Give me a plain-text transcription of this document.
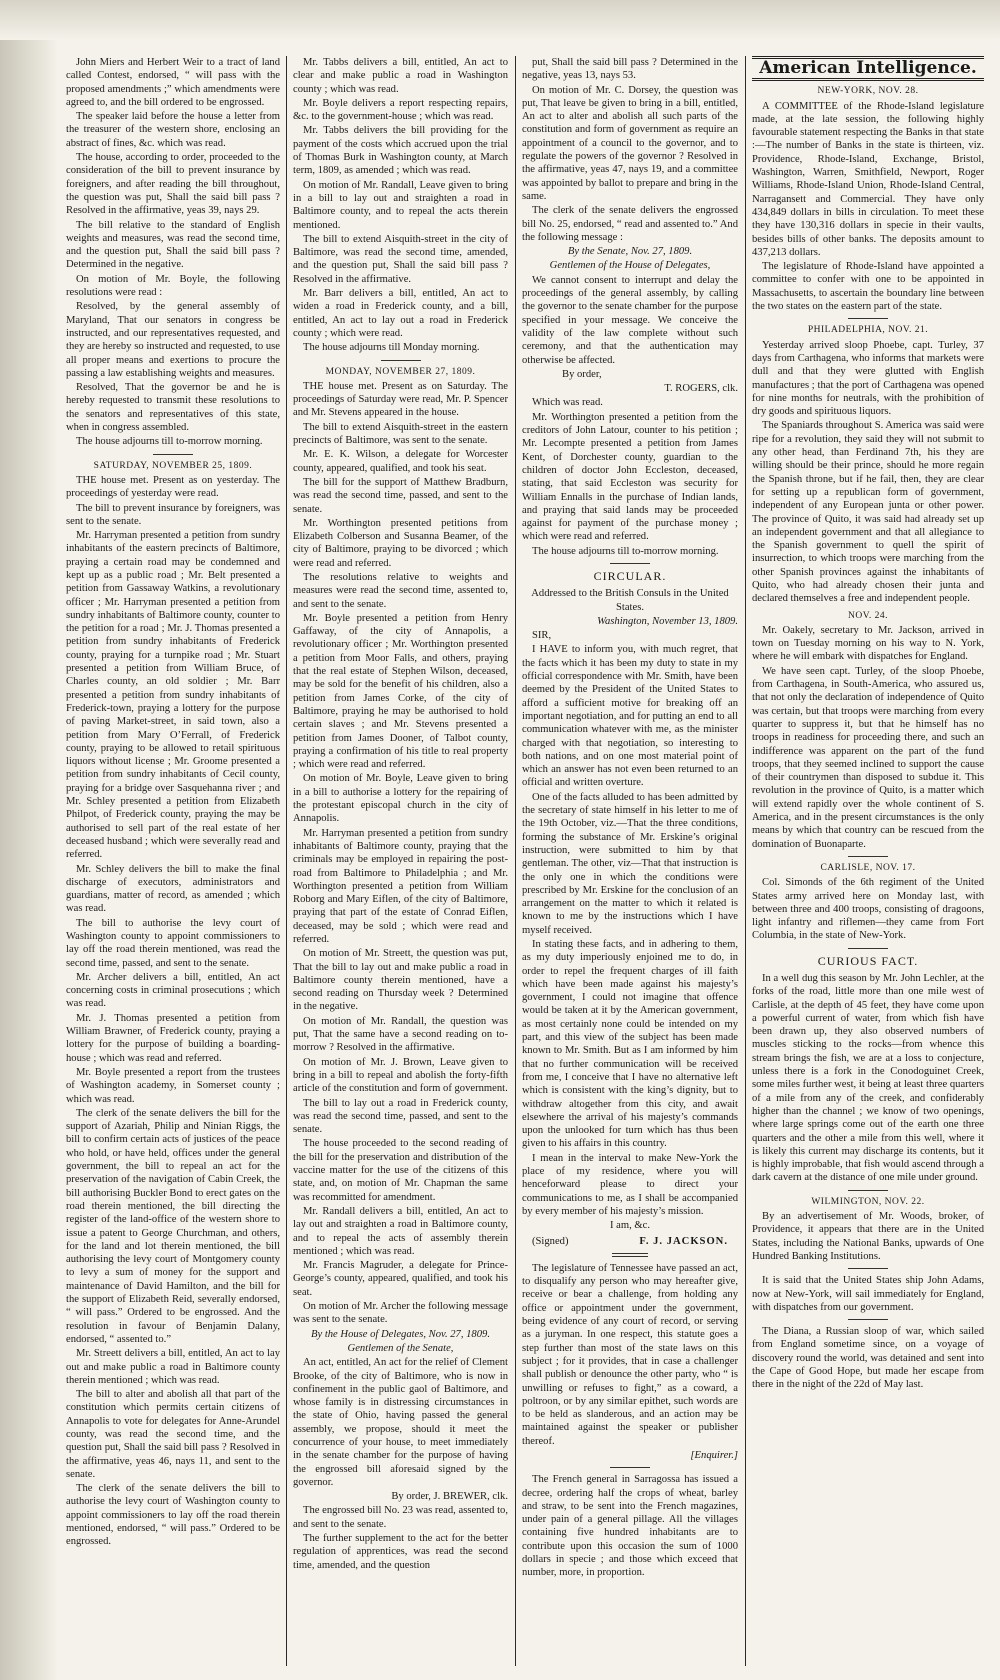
John Miers and Herbert Weir to a tract of land called Contest, endorsed, “ will pass with the proposed amendments ;” which amendments were agreed to, and the bill ordered to be engrossed.

The speaker laid before the house a letter from the treasurer of the western shore, enclosing an abstract of fines, &c. which was read.

The house, according to order, proceeded to the consideration of the bill to prevent insurance by foreigners, and after reading the bill throughout, the question was put, Shall the said bill pass ? Resolved in the affirmative, yeas 39, nays 29.

The bill relative to the standard of English weights and measures, was read the second time, and the question put, Shall the said bill pass ? Determined in the negative.

On motion of Mr. Boyle, the following resolutions were read :

Resolved, by the general assembly of Maryland, That our senators in congress be instructed, and our representatives requested, and they are hereby so instructed and requested, to use all proper means and exertions to procure the passing a law establishing weights and measures.

Resolved, That the governor be and he is hereby requested to transmit these resolutions to the senators and representatives of this state, when in congress assembled.

The house adjourns till to-morrow morning.

SATURDAY, NOVEMBER 25, 1809.

THE house met. Present as on yesterday. The proceedings of yesterday were read.

The bill to prevent insurance by foreigners, was sent to the senate.

Mr. Harryman presented a petition from sundry inhabitants of the eastern precincts of Baltimore, praying a certain road may be condemned and kept up as a public road ; Mr. Belt presented a petition from Gassaway Watkins, a revolutionary officer ; Mr. Harryman presented a petition from sundry inhabitants of Baltimore county, counter to the petition for a road ; Mr. J. Thomas presented a petition from sundry inhabitants of Frederick county, praying for a turnpike road ; Mr. Stuart presented a petition from William Bruce, of Charles county, an old soldier ; Mr. Barr presented a petition from sundry inhabitants of Frederick-town, praying a lottery for the purpose of paving Market-street, in said town, also a petition from Mary O’Ferrall, of Frederick county, praying to be allowed to retail spirituous liquors without license ; Mr. Groome presented a petition from sundry inhabitants of Cecil county, praying for a bridge over Sasquehanna river ; and Mr. Schley presented a petition from Elizabeth Philpot, of Frederick county, praying the may be authorised to sell part of the real estate of her deceased husband ; which were severally read and referred.

Mr. Schley delivers the bill to make the final discharge of executors, administrators and guardians, matter of record, as amended ; which was read.

The bill to authorise the levy court of Washington county to appoint commissioners to lay off the road therein mentioned, was read the second time, passed, and sent to the senate.

Mr. Archer delivers a bill, entitled, An act concerning costs in criminal prosecutions ; which was read.

Mr. J. Thomas presented a petition from William Brawner, of Frederick county, praying a lottery for the purpose of building a boarding-house ; which was read and referred.

Mr. Boyle presented a report from the trustees of Washington academy, in Somerset county ; which was read.

The clerk of the senate delivers the bill for the support of Azariah, Philip and Ninian Riggs, the bill to confirm certain acts of justices of the peace who hold, or have held, offices under the general government, the bill to repeal an act for the preservation of the navigation of Cabin Creek, the bill authorising Buckler Bond to erect gates on the road therein mentioned, the bill directing the register of the land-office of the western shore to issue a patent to George Churchman, and others, for the land and lot therein mentioned, the bill authorising the levy court of Montgomery county to levy a sum of money for the support and maintenance of David Hamilton, and the bill for the support of Elizabeth Reid, severally endorsed, “ will pass.” Ordered to be engrossed. And the resolution in favour of Benjamin Dalany, endorsed, “ assented to.”

Mr. Streett delivers a bill, entitled, An act to lay out and make public a road in Baltimore county therein mentioned ; which was read.

The bill to alter and abolish all that part of the constitution which permits certain citizens of Annapolis to vote for delegates for Anne-Arundel county, was read the second time, and the question put, Shall the said bill pass ? Resolved in the affirmative, yeas 46, nays 11, and sent to the senate.

The clerk of the senate delivers the bill to authorise the levy court of Washington county to appoint commissioners to lay off the road therein mentioned, endorsed, “ will pass.” Ordered to be engrossed.

Mr. Tabbs delivers a bill, entitled, An act to clear and make public a road in Washington county ; which was read.

Mr. Boyle delivers a report respecting repairs, &c. to the government-house ; which was read.

Mr. Tabbs delivers the bill providing for the payment of the costs which accrued upon the trial of Thomas Burk in Washington county, at March term, 1809, as amended ; which was read.

On motion of Mr. Randall, Leave given to bring in a bill to lay out and straighten a road in Baltimore county, and to repeal the acts therein mentioned.

The bill to extend Aisquith-street in the city of Baltimore, was read the second time, amended, and the question put, Shall the said bill pass ? Resolved in the affirmative.

Mr. Barr delivers a bill, entitled, An act to widen a road in Frederick county, and a bill, entitled, An act to lay out a road in Frederick county ; which were read.

The house adjourns till Monday morning.

MONDAY, NOVEMBER 27, 1809.

THE house met. Present as on Saturday. The proceedings of Saturday were read, Mr. P. Spencer and Mr. Stevens appeared in the house.

The bill to extend Aisquith-street in the eastern precincts of Baltimore, was sent to the senate.

Mr. E. K. Wilson, a delegate for Worcester county, appeared, qualified, and took his seat.

The bill for the support of Matthew Bradburn, was read the second time, passed, and sent to the senate.

Mr. Worthington presented petitions from Elizabeth Colberson and Susanna Beamer, of the city of Baltimore, praying to be divorced ; which were read and referred.

The resolutions relative to weights and measures were read the second time, assented to, and sent to the senate.

Mr. Boyle presented a petition from Henry Gaffaway, of the city of Annapolis, a revolutionary officer ; Mr. Worthington presented a petition from Moor Falls, and others, praying that the real estate of Stephen Wilson, deceased, may be sold for the benefit of his children, also a petition from James Corke, of the city of Baltimore, praying he may be authorised to hold certain slaves ; and Mr. Stevens presented a petition from James Dooner, of Talbot county, praying a confirmation of his title to real property ; which were read and referred.

On motion of Mr. Boyle, Leave given to bring in a bill to authorise a lottery for the repairing of the protestant episcopal church in the city of Annapolis.

Mr. Harryman presented a petition from sundry inhabitants of Baltimore county, praying that the criminals may be employed in repairing the post-road from Baltimore to Philadelphia ; and Mr. Worthington presented a petition from William Roborg and Mary Eiflen, of the city of Baltimore, praying that part of the estate of Conrad Eiflen, deceased, may be sold ; which were read and referred.

On motion of Mr. Streett, the question was put, That the bill to lay out and make public a road in Baltimore county therein mentioned, have a second reading on Thursday week ? Determined in the negative.

On motion of Mr. Randall, the question was put, That the same have a second reading on to-morrow ? Resolved in the affirmative.

On motion of Mr. J. Brown, Leave given to bring in a bill to repeal and abolish the forty-fifth article of the constitution and form of government.

The bill to lay out a road in Frederick county, was read the second time, passed, and sent to the senate.

The house proceeded to the second reading of the bill for the preservation and distribution of the vaccine matter for the use of the citizens of this state, and, on motion of Mr. Chapman the same was recommitted for amendment.

Mr. Randall delivers a bill, entitled, An act to lay out and straighten a road in Baltimore county, and to repeal the acts of assembly therein mentioned ; which was read.

Mr. Francis Magruder, a delegate for Prince-George’s county, appeared, qualified, and took his seat.

On motion of Mr. Archer the following message was sent to the senate.

By the House of Delegates, Nov. 27, 1809.

Gentlemen of the Senate,

An act, entitled, An act for the relief of Clement Brooke, of the city of Baltimore, who is now in confinement in the public gaol of Baltimore, and whose family is in distressing circumstances in the state of Ohio, having passed the general assembly, we propose, should it meet the concurrence of your house, to meet immediately in the senate chamber for the purpose of having the engrossed bill aforesaid signed by the governor.

By order, J. BREWER, clk.

The engrossed bill No. 23 was read, assented to, and sent to the senate.

The further supplement to the act for the better regulation of apprentices, was read the second time, amended, and the question

put, Shall the said bill pass ? Determined in the negative, yeas 13, nays 53.

On motion of Mr. C. Dorsey, the question was put, That leave be given to bring in a bill, entitled, An act to alter and abolish all such parts of the constitution and form of government as require an appointment of a council to the governor, and to regulate the powers of the governor ? Resolved in the affirmative, yeas 47, nays 19, and a committee was appointed by ballot to prepare and bring in the same.

The clerk of the senate delivers the engrossed bill No. 25, endorsed, “ read and assented to.” And the following message :

By the Senate, Nov. 27, 1809.

Gentlemen of the House of Delegates,

We cannot consent to interrupt and delay the proceedings of the general assembly, by calling the governor to the senate chamber for the purpose specified in your message. We conceive the validity of the law complete without such ceremony, and that the authentication may otherwise be affected.

By order,

T. ROGERS, clk.

Which was read.

Mr. Worthington presented a petition from the creditors of John Latour, counter to his petition ; Mr. Lecompte presented a petition from James Kent, of Dorchester county, guardian to the children of doctor John Eccleston, deceased, stating, that said Eccleston was security for William Ennalls in the purchase of Indian lands, and praying that said lands may be proceeded against for payment of the purchase money ; which were read and referred.

The house adjourns till to-morrow morning.

CIRCULAR.

Addressed to the British Consuls in the United States.

Washington, November 13, 1809.

SIR,

I HAVE to inform you, with much regret, that the facts which it has been my duty to state in my official correspondence with Mr. Smith, have been deemed by the President of the United States to afford a sufficient motive for breaking off an important negotiation, and for putting an end to all communication whatever with me, as the minister charged with that negotiation, so interesting to both nations, and on one most material point of which an answer has not even been returned to an official and written overture.

One of the facts alluded to has been admitted by the secretary of state himself in his letter to me of the 19th October, viz.—That the three conditions, forming the substance of Mr. Erskine’s original instruction, were submitted to him by that gentleman. The other, viz—That that instruction is the only one in which the conditions were prescribed by Mr. Erskine for the conclusion of an arrangement on the matter to which it related is known to me by the instructions which I have myself received.

In stating these facts, and in adhering to them, as my duty imperiously enjoined me to do, in order to repel the frequent charges of ill faith which have been made against his majesty’s government, I could not imagine that offence would be taken at it by the American government, as most certainly none could be intended on my part, and this view of the subject has been made known to Mr. Smith. But as I am informed by him that no further communication will be received from me, I conceive that I have no alternative left which is consistent with the king’s dignity, but to withdraw altogether from this city, and await elsewhere the arrival of his majesty’s commands upon the unlooked for turn which has thus been given to his affairs in this country.

I mean in the interval to make New-York the place of my residence, where you will henceforward please to direct your communications to me, as I shall be accompanied by every member of his majesty’s mission.

I am, &c.

(Signed)	F. J. JACKSON.

The legislature of Tennessee have passed an act, to disqualify any person who may hereafter give, receive or bear a challenge, from holding any office or appointment under the government, being evidence of any court of record, or serving as a juryman. In one respect, this statute goes a step further than most of the state laws on this subject ; for it provides, that in case a challenger shall publish or denounce the other party, who “ is unwilling or refuses to fight,” as a coward, a poltroon, or by any similar epithet, such words are to be held as slanderous, and an action may be maintained against the speaker or publisher thereof.

[Enquirer.]

The French general in Sarragossa has issued a decree, ordering half the crops of wheat, barley and straw, to be sent into the French magazines, under pain of a general pillage. All the villages containing five hundred inhabitants are to contribute upon this occasion the sum of 1000 dollars in specie ; and those which exceed that number, more, in proportion.

American Intelligence.
NEW-YORK, NOV. 28.

A COMMITTEE of the Rhode-Island legislature made, at the late session, the following highly favourable statement respecting the Banks in that state :—The number of Banks in the state is thirteen, viz. Providence, Rhode-Island, Exchange, Bristol, Washington, Warren, Smithfield, Newport, Roger Williams, Rhode-Island Union, Rhode-Island Central, Narragansett and Commercial. They have only 434,849 dollars in bills in circulation. To meet these they have 130,316 dollars in specie in their vaults, besides bills of other banks. The deposits amount to 437,213 dollars.

The legislature of Rhode-Island have appointed a committee to confer with one to be appointed in Massachusetts, to ascertain the boundary line between the two states on the eastern part of the state.

PHILADELPHIA, NOV. 21.

Yesterday arrived sloop Phoebe, capt. Turley, 37 days from Carthagena, who informs that markets were dull and that they were glutted with English manufactures ; that the port of Carthagena was opened for nine months for neutrals, with the prohibition of dry goods and spirituous liquors.

The Spaniards throughout S. America was said were ripe for a revolution, they said they will not submit to any other head, than Ferdinand 7th, his they are willing should be their prince, should he more regain the Spanish throne, but if he fail, then, they are clear for setting up a republican form of government, independent of any European junta or other power. The province of Quito, it was said had already set up an independent government and that all allegiance to the Spanish government to quell the spirit of insurrection, to which troops were marching from the other Spanish provinces against the inhabitants of Quito, who had already chosen their junta and declared themselves a free and independent people.

NOV. 24.

Mr. Oakely, secretary to Mr. Jackson, arrived in town on Tuesday morning on his way to N. York, where he will embark with dispatches for England.

We have seen capt. Turley, of the sloop Phoebe, from Carthagena, in South-America, who assured us, that not only the declaration of independence of Quito was certain, but that troops were marching from every quarter to suppress it, but that he himself has no troops in readiness for proceeding there, and such an indifference was apparent on the part of the fund troops, that they seemed inclined to support the cause of their countrymen than disposed to subdue it. This revolution in the province of Quito, is a matter which will extend rapidly over the whole continent of S. America, and in the present circumstances is the only means by which that country can be rescued from the domination of Buonaparte.

CARLISLE, NOV. 17.

Col. Simonds of the 6th regiment of the United States army arrived here on Monday last, with between three and 400 troops, consisting of dragoons, light infantry and riflemen—they came from Fort Columbia, in the state of New-York.

CURIOUS FACT.

In a well dug this season by Mr. John Lechler, at the forks of the road, little more than one mile west of Carlisle, at the depth of 45 feet, they have come upon a powerful current of water, from which fish have been drawn up, they also observed numbers of muscles sticking to the rocks—from whence this stream brings the fish, we are at a loss to conjecture, unless there is a fork in the Conodoguinet Creek, some miles further west, it being at least three quarters of a mile from any of the creek, and confiderably higher than the channel ; we know of two openings, where large springs come out of the earth one three quarters and the other a mile from this well, where it is likely this current may discharge its contents, but it is highly improbable, that fish would ascend through a dark cavern at the distance of one mile under ground.

WILMINGTON, NOV. 22.

By an advertisement of Mr. Woods, broker, of Providence, it appears that there are in the United States, including the National Banks, upwards of One Hundred Banking Institutions.

It is said that the United States ship John Adams, now at New-York, will sail immediately for England, with dispatches from our government.

The Diana, a Russian sloop of war, which sailed from England sometime since, on a voyage of discovery round the world, was detained and sent into the Cape of Good Hope, but made her escape from there in the night of the 22d of May last.
